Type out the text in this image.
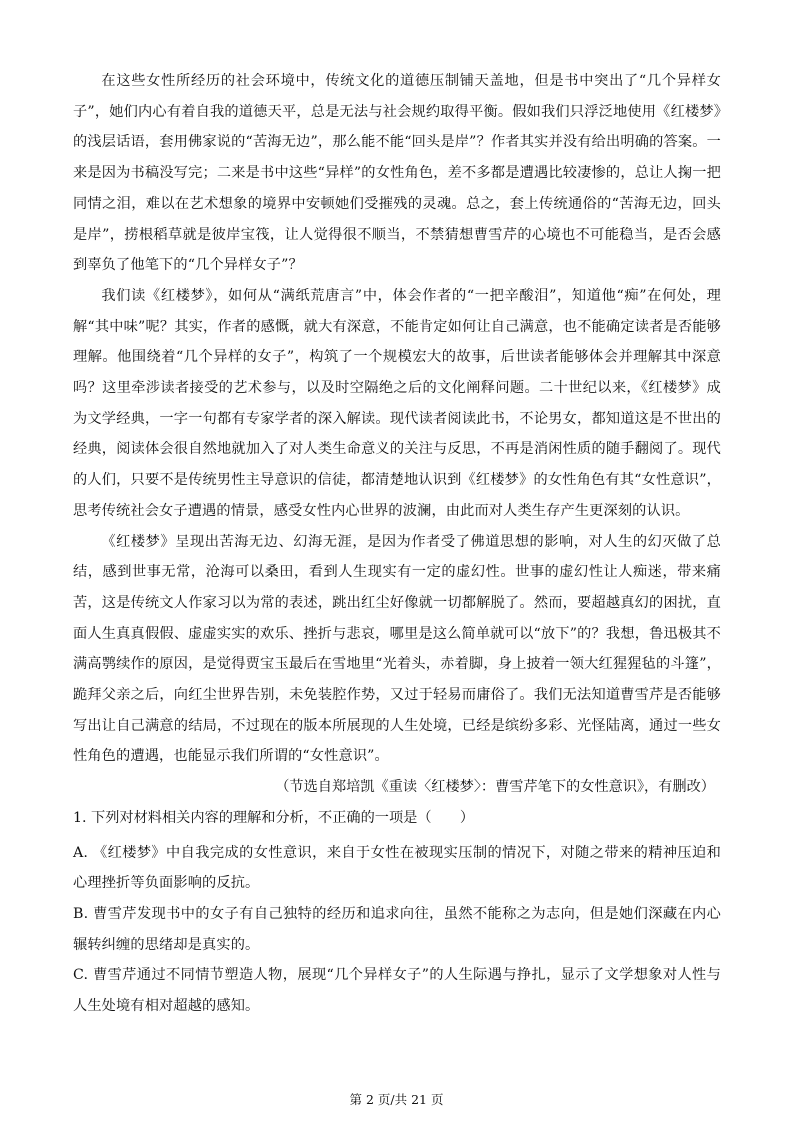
在这些女性所经历的社会环境中，传统文化的道德压制铺天盖地，但是书中突出了“几个异样女子”，她们内心有着自我的道德天平，总是无法与社会规约取得平衡。假如我们只浮泛地使用《红楼梦》的浅层话语，套用佛家说的“苦海无边”，那么能不能“回头是岸”？作者其实并没有给出明确的答案。一来是因为书稿没写完；二来是书中这些“异样”的女性角色，差不多都是遭遇比较凄惨的，总让人掬一把同情之泪，难以在艺术想象的境界中安顿她们受摧残的灵魂。总之，套上传统通俗的“苦海无边，回头是岸”，捞根稻草就是彼岸宝筏，让人觉得很不顺当，不禁猜想曹雪芹的心境也不可能稳当，是否会感到辜负了他笔下的“几个异样女子”？

我们读《红楼梦》，如何从“满纸荒唐言”中，体会作者的“一把辛酸泪”，知道他“痴”在何处，理解“其中味”呢？其实，作者的感慨，就大有深意，不能肯定如何让自己满意，也不能确定读者是否能够理解。他围绕着“几个异样的女子”，构筑了一个规模宏大的故事，后世读者能够体会并理解其中深意吗？这里牵涉读者接受的艺术参与，以及时空隔绝之后的文化阐释问题。二十世纪以来，《红楼梦》成为文学经典，一字一句都有专家学者的深入解读。现代读者阅读此书，不论男女，都知道这是不世出的经典，阅读体会很自然地就加入了对人类生命意义的关注与反思，不再是消闲性质的随手翻阅了。现代的人们，只要不是传统男性主导意识的信徒，都清楚地认识到《红楼梦》的女性角色有其“女性意识”，思考传统社会女子遭遇的情景，感受女性内心世界的波澜，由此而对人类生存产生更深刻的认识。

《红楼梦》呈现出苦海无边、幻海无涯，是因为作者受了佛道思想的影响，对人生的幻灭做了总结，感到世事无常，沧海可以桑田，看到人生现实有一定的虚幻性。世事的虚幻性让人痴迷，带来痛苦，这是传统文人作家习以为常的表述，跳出红尘好像就一切都解脱了。然而，要超越真幻的困扰，直面人生真真假假、虚虚实实的欢乐、挫折与悲哀，哪里是这么简单就可以“放下”的？我想，鲁迅极其不满高鹗续作的原因，是觉得贾宝玉最后在雪地里“光着头，赤着脚，身上披着一领大红猩猩毡的斗篷”，跪拜父亲之后，向红尘世界告别，未免装腔作势，又过于轻易而庸俗了。我们无法知道曹雪芹是否能够写出让自己满意的结局，不过现在的版本所展现的人生处境，已经是缤纷多彩、光怪陆离，通过一些女性角色的遭遇，也能显示我们所谓的“女性意识”。

（节选自郑培凯《重读〈红楼梦〉：曹雪芹笔下的女性意识》，有删改）

1. 下列对材料相关内容的理解和分析，不正确的一项是（　　）

A. 《红楼梦》中自我完成的女性意识，来自于女性在被现实压制的情况下，对随之带来的精神压迫和心理挫折等负面影响的反抗。

B. 曹雪芹发现书中的女子有自己独特的经历和追求向往，虽然不能称之为志向，但是她们深藏在内心辗转纠缠的思绪却是真实的。

C. 曹雪芹通过不同情节塑造人物，展现“几个异样女子”的人生际遇与挣扎，显示了文学想象对人性与人生处境有相对超越的感知。

第 2 页/共 21 页
